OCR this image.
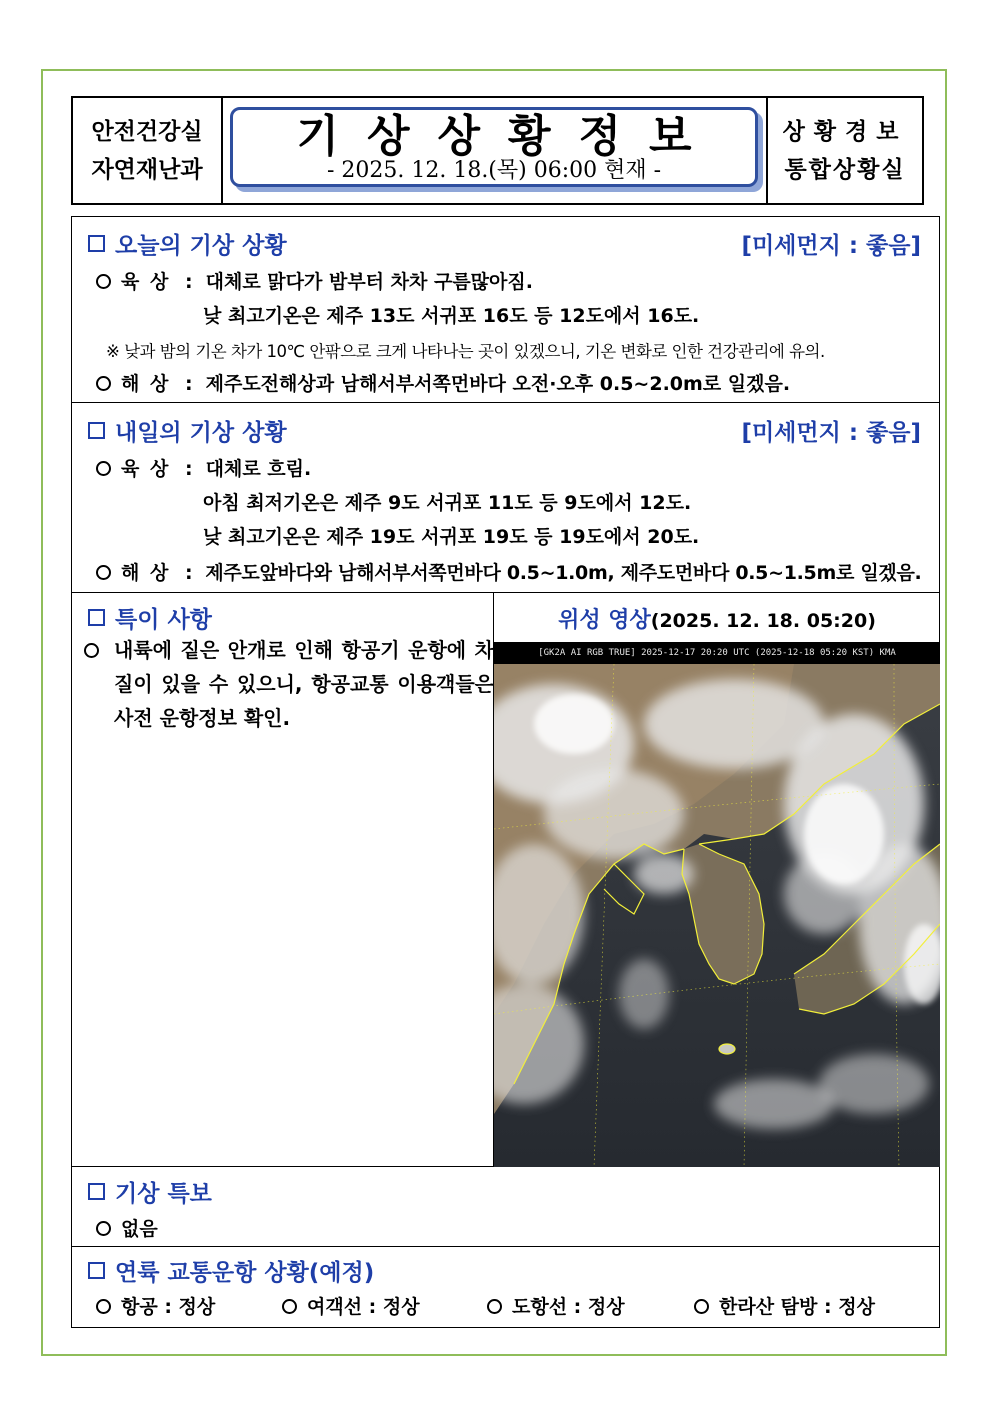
안전건강실
자연재난과
기상상황정보
- 2025. 12. 18.(목) 06:00 현재 -
상황경보
통합상황실
오늘의 기상 상황	[미세먼지 : 좋음]
육 상 : 대체로 맑다가 밤부터 차차 구름많아짐.
낮 최고기온은 제주 13도 서귀포 16도 등 12도에서 16도.
※ 낮과 밤의 기온 차가 10℃ 안팎으로 크게 나타나는 곳이 있겠으니, 기온 변화로 인한 건강관리에 유의.
해 상 : 제주도전해상과 남해서부서쪽먼바다 오전·오후 0.5~2.0m로 일겠음.
내일의 기상 상황	[미세먼지 : 좋음]
육 상 : 대체로 흐림.
아침 최저기온은 제주 9도 서귀포 11도 등 9도에서 12도.
낮 최고기온은 제주 19도 서귀포 19도 등 19도에서 20도.
해 상 : 제주도앞바다와 남해서부서쪽먼바다 0.5~1.0m, 제주도먼바다 0.5~1.5m로 일겠음.
특이 사항
내륙에 짙은 안개로 인해 항공기 운항에 차질이 있을 수 있으니, 항공교통 이용객들은 사전 운항정보 확인.
위성 영상(2025. 12. 18. 05:20)
[GK2A AI RGB TRUE] 2025-12-17 20:20 UTC (2025-12-18 05:20 KST) KMA
기상 특보
없음
연륙 교통운항 상황(예정)
항공 : 정상	여객선 : 정상	도항선 : 정상	한라산 탐방 : 정상
